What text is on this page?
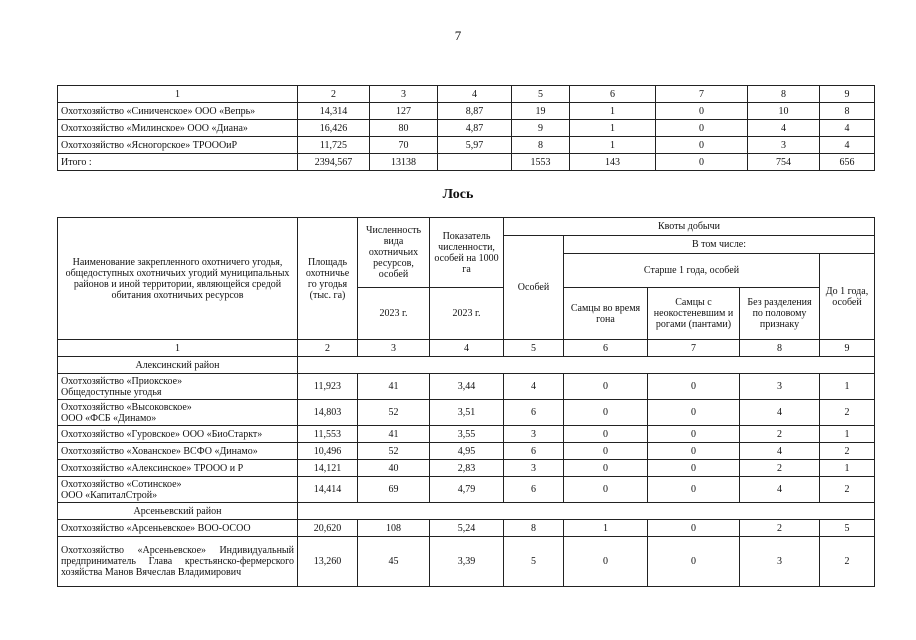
7
1	2	3	4	5	6	7	8	9
Охотхозяйство «Синиченское» ООО «Вепрь»	14,314	127	8,87	19	1	0	10	8
Охотхозяйство «Милинское» ООО «Диана»	16,426	80	4,87	9	1	0	4	4
Охотхозяйство «Ясногорское» ТРОООиР	11,725	70	5,97	8	1	0	3	4
Итого :	2394,567	13138		1553	143	0	754	656
Лось
Наименование закрепленного охотничего угодья, общедоступных охотничьих угодий муниципальных районов и иной территории, являющейся средой обитания охотничьих ресурсов	Площадь охотничье го угодья (тыс. га)	Численность вида охотничьих ресурсов, особей	Показатель численности, особей на 1000 га	Квоты добычи				
				Особей	В том числе:			
					Старше 1 года, особей			До 1 года, особей
		2023 г.	2023 г.		Самцы во время гона	Самцы с неокостеневшим и рогами (пантами)	Без разделения по половому признаку	
1	2	3	4	5	6	7	8	9
Алексинский район								
Охотхозяйство «Приокское»
Общедоступные угодья	11,923	41	3,44	4	0	0	3	1
Охотхозяйство «Высоковское»
ООО «ФСБ «Динамо»	14,803	52	3,51	6	0	0	4	2
Охотхозяйство «Гуровское» ООО «БиоСтаркт»	11,553	41	3,55	3	0	0	2	1
Охотхозяйство «Хованское» ВСФО «Динамо»	10,496	52	4,95	6	0	0	4	2
Охотхозяйство «Алексинское» ТРООО и Р	14,121	40	2,83	3	0	0	2	1
Охотхозяйство «Сотинское»
ООО «КапиталСтрой»	14,414	69	4,79	6	0	0	4	2
Арсеньевский район								
Охотхозяйство «Арсеньевское» ВОО-ОСОО	20,620	108	5,24	8	1	0	2	5
Охотхозяйство «Арсеньевское» Индивидуальный предприниматель Глава крестьянско-фермерского хозяйства Манов Вячеслав Владимирович	13,260	45	3,39	5	0	0	3	2
